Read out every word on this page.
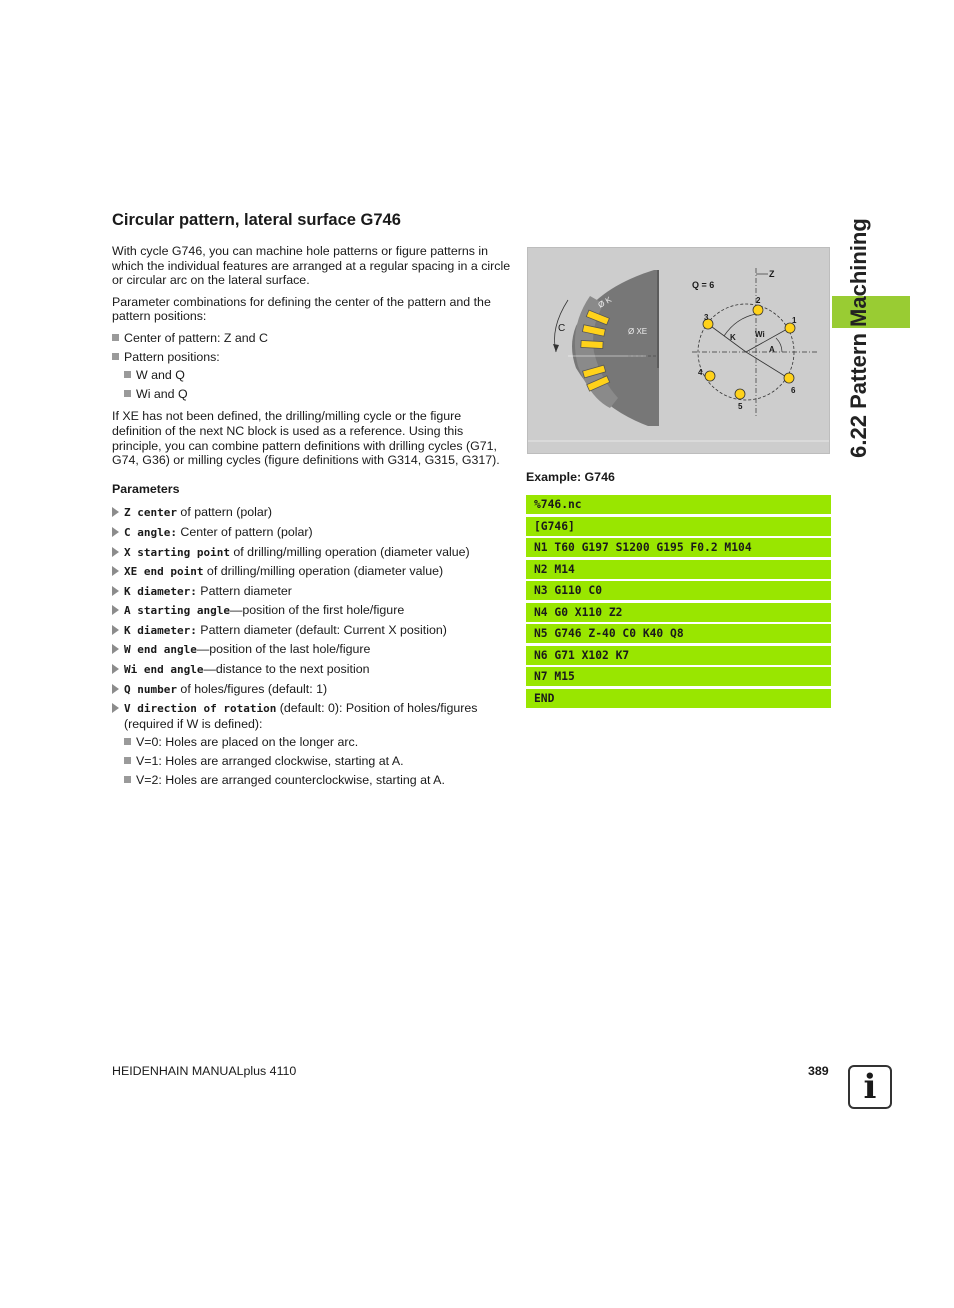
Circular pattern, lateral surface G746

With cycle G746, you can machine hole patterns or figure patterns in which the individual features are arranged at a regular spacing in a circle or circular arc on the lateral surface.

Parameter combinations for defining the center of the pattern and the pattern positions:

Center of pattern: Z and C
Pattern positions:
W and Q
Wi and Q

If XE has not been defined, the drilling/milling cycle or the figure definition of the next NC block is used as a reference. Using this principle, you can combine pattern definitions with drilling cycles (G71, G74, G36) or milling cycles (figure definitions with G314, G315, G317).

Parameters
Z center of pattern (polar)
C angle: Center of pattern (polar)
X starting point of drilling/milling operation (diameter value)
XE end point of drilling/milling operation (diameter value)
K diameter: Pattern diameter
A starting angle—position of the first hole/figure
K diameter: Pattern diameter (default: Current X position)
W end angle—position of the last hole/figure
Wi end angle—distance to the next position
Q number of holes/figures (default: 1)
V direction of rotation (default: 0): Position of holes/figures (required if W is defined):
V=0: Holes are placed on the longer arc.
V=1: Holes are arranged clockwise, starting at A.
V=2: Holes are arranged counterclockwise, starting at A.
C
Ø K
Ø XE
Q = 6
Z
K Wi
A
1
2
3
4
5
6
Example: G746
%746.nc
[G746]
N1 T60 G197 S1200 G195 F0.2 M104
N2 M14
N3 G110 C0
N4 G0 X110 Z2
N5 G746 Z-40 C0 K40 Q8
N6 G71 X102 K7
N7 M15
END
6.22 Pattern Machining
HEIDENHAIN MANUALplus 4110	389	i
